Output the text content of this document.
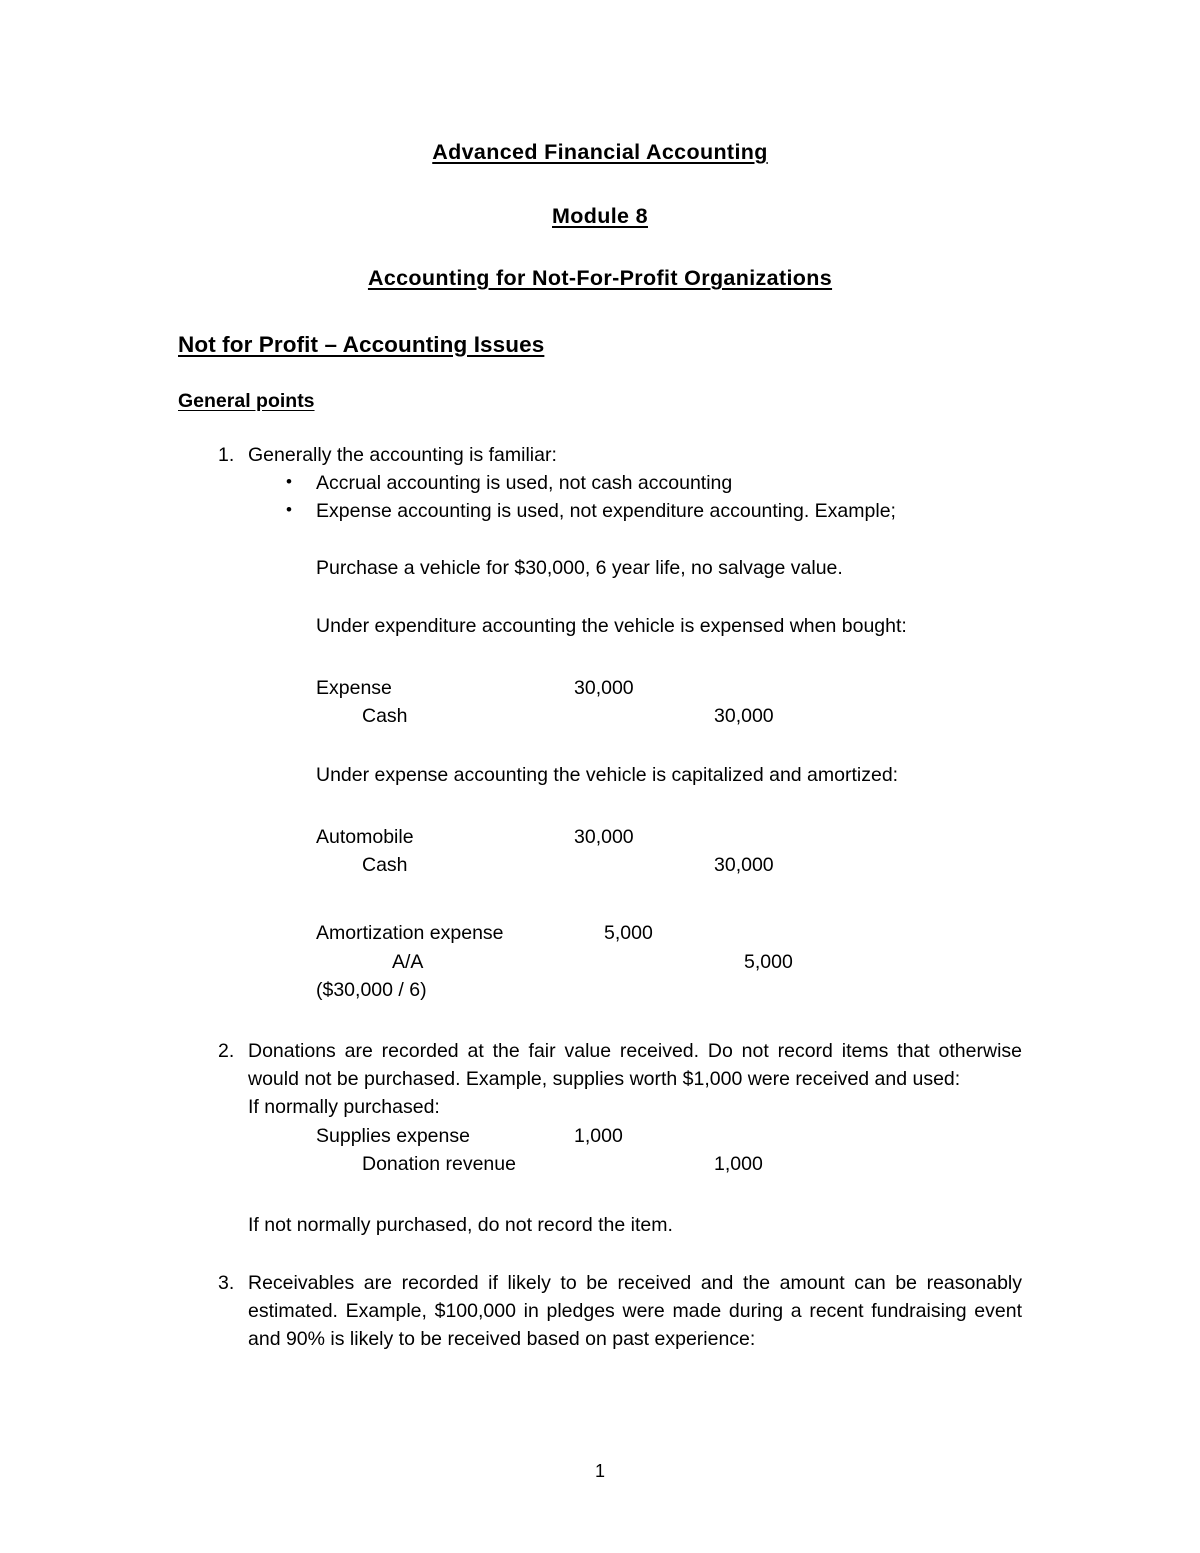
Advanced Financial Accounting
Module 8
Accounting for Not-For-Profit Organizations
Not for Profit – Accounting Issues
General points
1. Generally the accounting is familiar:
• Accrual accounting is used, not cash accounting
• Expense accounting is used, not expenditure accounting. Example;
Purchase a vehicle for $30,000, 6 year life, no salvage value.
Under expenditure accounting the vehicle is expensed when bought:
Expense	30,000	
Cash		30,000
Under expense accounting the vehicle is capitalized and amortized:
Automobile	30,000	
Cash		30,000
Amortization expense	5,000	
A/A		5,000
($30,000 / 6)
2. Donations are recorded at the fair value received. Do not record items that otherwise would not be purchased. Example, supplies worth $1,000 were received and used:
If normally purchased:
Supplies expense	1,000	
Donation revenue		1,000
If not normally purchased, do not record the item.
3. Receivables are recorded if likely to be received and the amount can be reasonably estimated. Example, $100,000 in pledges were made during a recent fundraising event and 90% is likely to be received based on past experience:
1
